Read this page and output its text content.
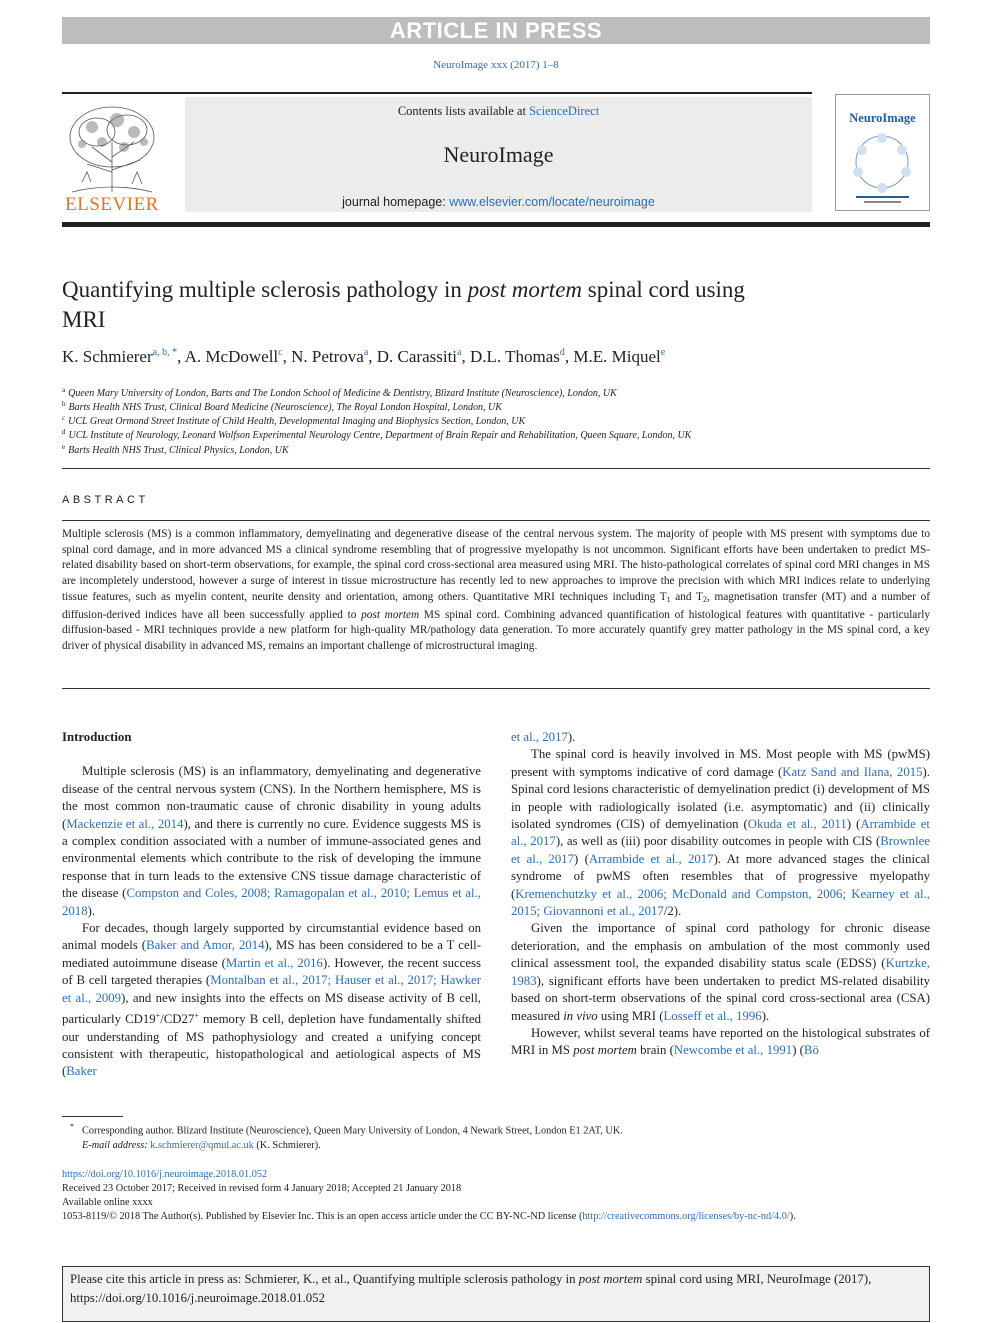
ARTICLE IN PRESS
NeuroImage xxx (2017) 1–8
ELSEVIER
Contents lists available at ScienceDirect
NeuroImage
journal homepage: www.elsevier.com/locate/neuroimage
NeuroImage
Quantifying multiple sclerosis pathology in post mortem spinal cord using MRI
K. Schmierer$^{a, b, *}$, A. McDowell$^c$, N. Petrova$^a$, D. Carassiti$^a$, D.L. Thomas$^d$, M.E. Miquel$^e$
$^a$ Queen Mary University of London, Barts and The London School of Medicine & Dentistry, Blizard Institute (Neuroscience), London, UK
$^b$ Barts Health NHS Trust, Clinical Board Medicine (Neuroscience), The Royal London Hospital, London, UK
$^c$ UCL Great Ormond Street Institute of Child Health, Developmental Imaging and Biophysics Section, London, UK
$^d$ UCL Institute of Neurology, Leonard Wolfson Experimental Neurology Centre, Department of Brain Repair and Rehabilitation, Queen Square, London, UK
$^e$ Barts Health NHS Trust, Clinical Physics, London, UK
ABSTRACT
Multiple sclerosis (MS) is a common inflammatory, demyelinating and degenerative disease of the central nervous system. The majority of people with MS present with symptoms due to spinal cord damage, and in more advanced MS a clinical syndrome resembling that of progressive myelopathy is not uncommon. Significant efforts have been undertaken to predict MS-related disability based on short-term observations, for example, the spinal cord cross-sectional area measured using MRI. The histo-pathological correlates of spinal cord MRI changes in MS are incompletely understood, however a surge of interest in tissue microstructure has recently led to new approaches to improve the precision with which MRI indices relate to underlying tissue features, such as myelin content, neurite density and orientation, among others. Quantitative MRI techniques including $T_1$ and $T_2$, magnetisation transfer (MT) and a number of diffusion-derived indices have all been successfully applied to post mortem MS spinal cord. Combining advanced quantification of histological features with quantitative - particularly diffusion-based - MRI techniques provide a new platform for high-quality MR/pathology data generation. To more accurately quantify grey matter pathology in the MS spinal cord, a key driver of physical disability in advanced MS, remains an important challenge of microstructural imaging.
Introduction

Multiple sclerosis (MS) is an inflammatory, demyelinating and degenerative disease of the central nervous system (CNS). In the Northern hemisphere, MS is the most common non-traumatic cause of chronic disability in young adults (Mackenzie et al., 2014), and there is currently no cure. Evidence suggests MS is a complex condition associated with a number of immune-associated genes and environmental elements which contribute to the risk of developing the immune response that in turn leads to the extensive CNS tissue damage characteristic of the disease (Compston and Coles, 2008; Ramagopalan et al., 2010; Lemus et al., 2018).

For decades, though largely supported by circumstantial evidence based on animal models (Baker and Amor, 2014), MS has been considered to be a T cell-mediated autoimmune disease (Martin et al., 2016). However, the recent success of B cell targeted therapies (Montalban et al., 2017; Hauser et al., 2017; Hawker et al., 2009), and new insights into the effects on MS disease activity of B cell, particularly CD19+/CD27+ memory B cell, depletion have fundamentally shifted our understanding of MS pathophysiology and created a unifying concept consistent with therapeutic, histopathological and aetiological aspects of MS (Baker

et al., 2017).

The spinal cord is heavily involved in MS. Most people with MS (pwMS) present with symptoms indicative of cord damage (Katz Sand and Ilana, 2015). Spinal cord lesions characteristic of demyelination predict (i) development of MS in people with radiologically isolated (i.e. asymptomatic) and (ii) clinically isolated syndromes (CIS) of demyelination (Okuda et al., 2011) (Arrambide et al., 2017), as well as (iii) poor disability outcomes in people with CIS (Brownlee et al., 2017) (Arrambide et al., 2017). At more advanced stages the clinical syndrome of pwMS often resembles that of progressive myelopathy (Kremenchutzky et al., 2006; McDonald and Compston, 2006; Kearney et al., 2015; Giovannoni et al., 2017/2).

Given the importance of spinal cord pathology for chronic disease deterioration, and the emphasis on ambulation of the most commonly used clinical assessment tool, the expanded disability status scale (EDSS) (Kurtzke, 1983), significant efforts have been undertaken to predict MS-related disability based on short-term observations of the spinal cord cross-sectional area (CSA) measured in vivo using MRI (Losseff et al., 1996).

However, whilst several teams have reported on the histological substrates of MRI in MS post mortem brain (Newcombe et al., 1991) (Bö

* Corresponding author. Blizard Institute (Neuroscience), Queen Mary University of London, 4 Newark Street, London E1 2AT, UK.
E-mail address: k.schmierer@qmul.ac.uk (K. Schmierer).
https://doi.org/10.1016/j.neuroimage.2018.01.052
Received 23 October 2017; Received in revised form 4 January 2018; Accepted 21 January 2018
Available online xxxx
1053-8119/© 2018 The Author(s). Published by Elsevier Inc. This is an open access article under the CC BY-NC-ND license (http://creativecommons.org/licenses/by-nc-nd/4.0/).
Please cite this article in press as: Schmierer, K., et al., Quantifying multiple sclerosis pathology in post mortem spinal cord using MRI, NeuroImage (2017), https://doi.org/10.1016/j.neuroimage.2018.01.052
